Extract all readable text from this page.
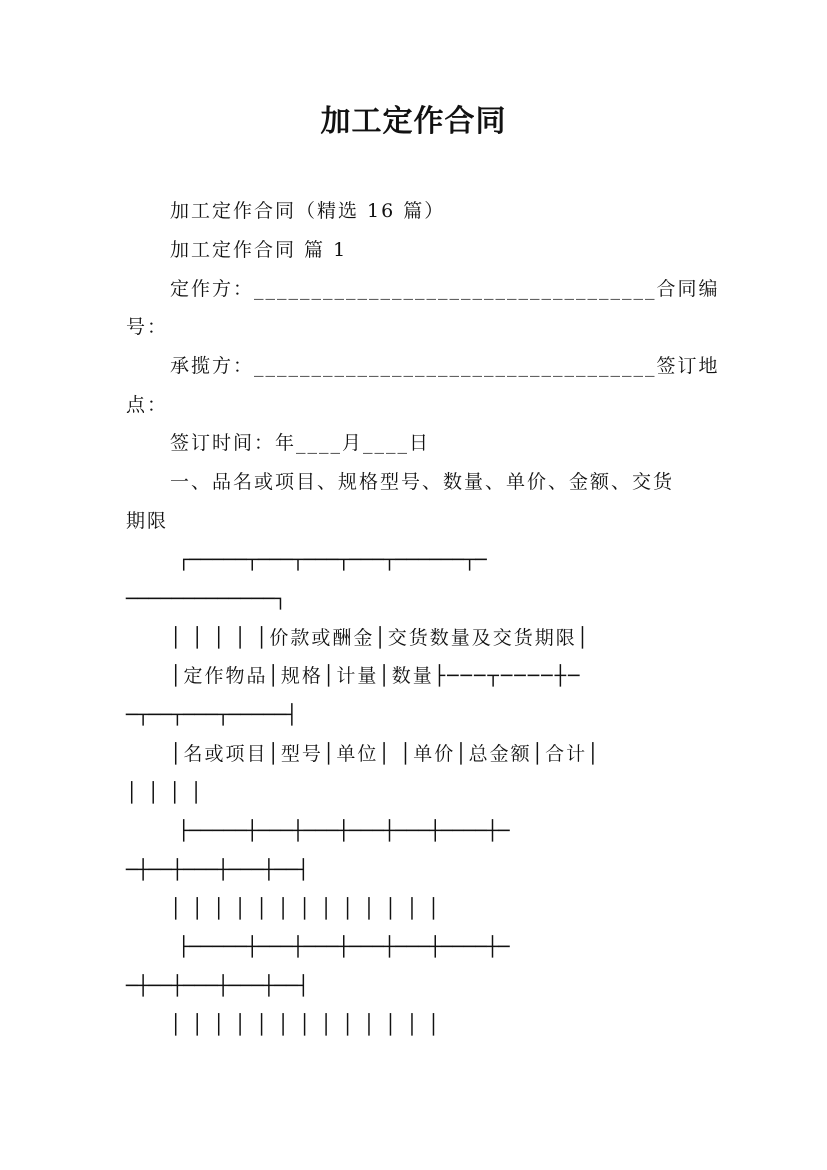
加工定作合同
加工定作合同（精选 16 篇）
加工定作合同 篇 1
定作方：___________________________________合同编
号：
承揽方：___________________________________签订地
点：
签订时间：年____月____日
一、品名或项目、规格型号、数量、单价、金额、交货
期限
┌─────┬───┬───┬───┬──────┬─
─────────────┐
│ │ │ │ │价款或酬金│交货数量及交货期限│
│定作物品│规格│计量│数量├───┬────┼─
─┬──┬───┬─────┤
│名或项目│型号│单位│ │单价│总金额│合计│
│ │ │ │
├─────┼───┼───┼───┼───┼────┼─
─┼──┼───┼───┼──┤
│ │ │ │ │ │ │ │ │ │ │ │ │
├─────┼───┼───┼───┼───┼────┼─
─┼──┼───┼───┼──┤
│ │ │ │ │ │ │ │ │ │ │ │ │
